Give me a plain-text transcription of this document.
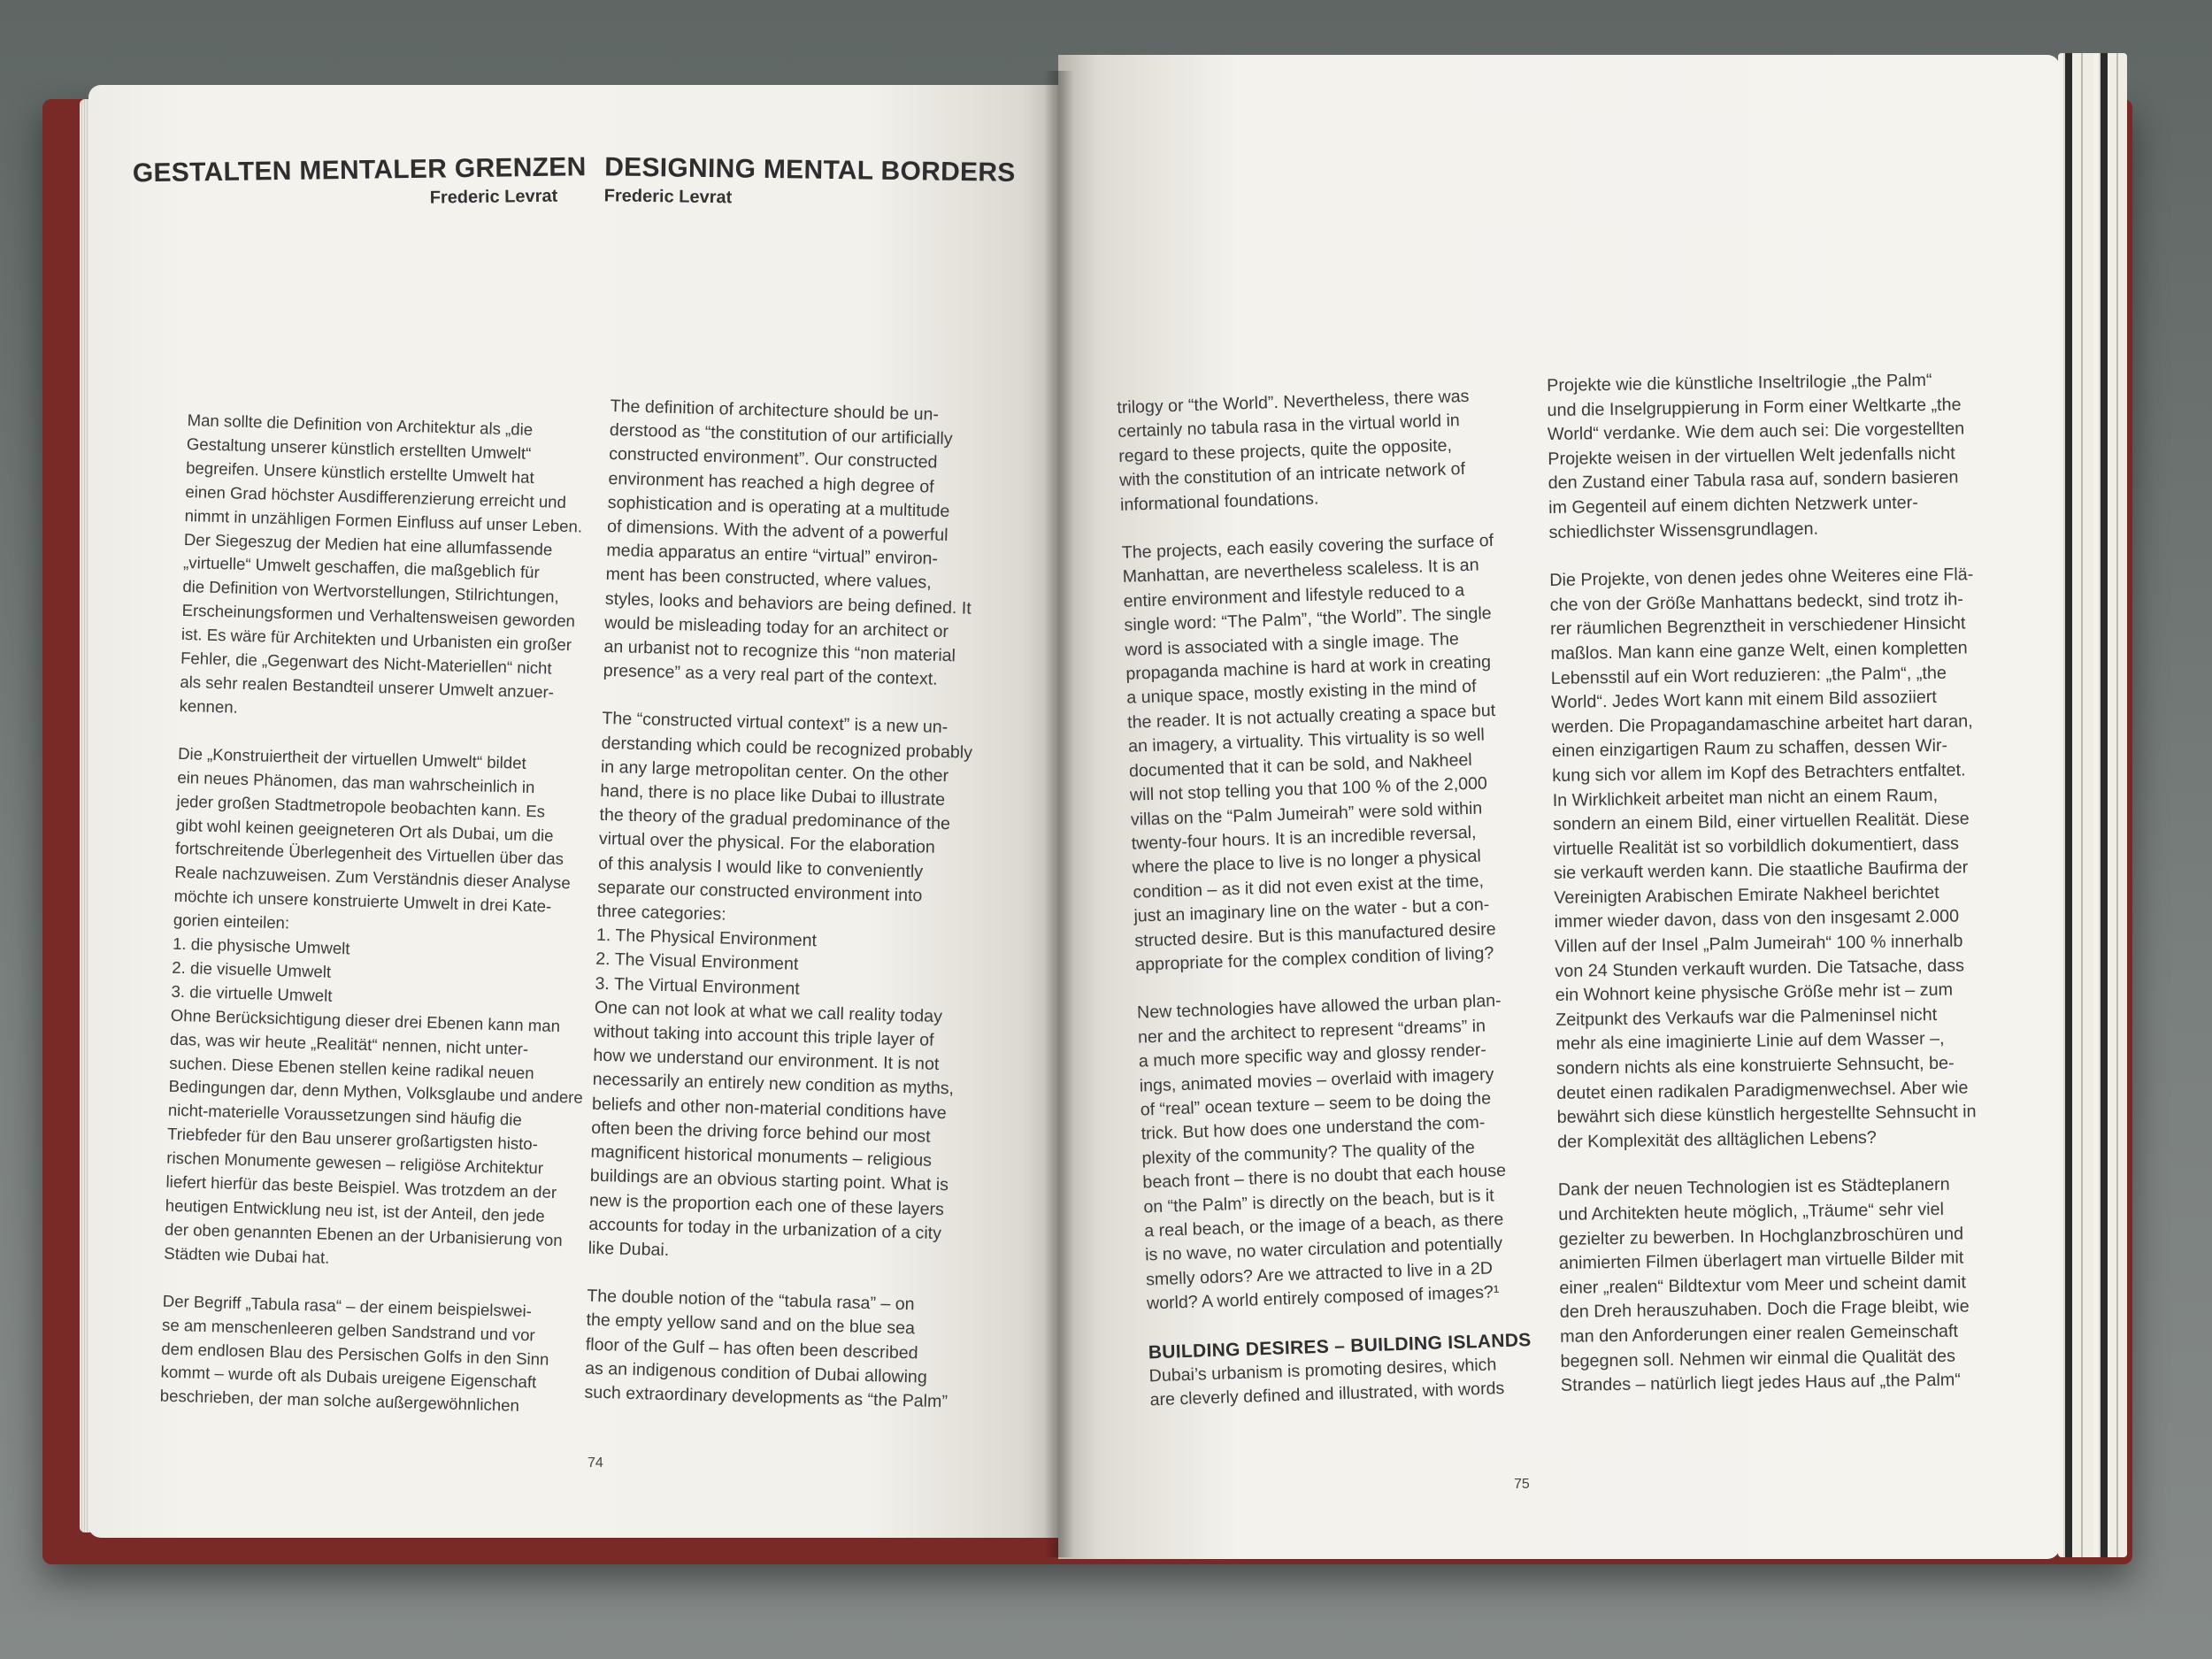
GESTALTEN MENTALER GRENZEN
Frederic Levrat
DESIGNING MENTAL BORDERS
Frederic Levrat

Man sollte die Definition von Architektur als „die
Gestaltung unserer künstlich erstellten Umwelt“
begreifen. Unsere künstlich erstellte Umwelt hat
einen Grad höchster Ausdifferenzierung erreicht und
nimmt in unzähligen Formen Einfluss auf unser Leben.
Der Siegeszug der Medien hat eine allumfassende
„virtuelle“ Umwelt geschaffen, die maßgeblich für
die Definition von Wertvorstellungen, Stilrichtungen,
Erscheinungsformen und Verhaltensweisen geworden
ist. Es wäre für Architekten und Urbanisten ein großer
Fehler, die „Gegenwart des Nicht-Materiellen“ nicht
als sehr realen Bestandteil unserer Umwelt anzuer-
kennen.

Die „Konstruiertheit der virtuellen Umwelt“ bildet
ein neues Phänomen, das man wahrscheinlich in
jeder großen Stadtmetropole beobachten kann. Es
gibt wohl keinen geeigneteren Ort als Dubai, um die
fortschreitende Überlegenheit des Virtuellen über das
Reale nachzuweisen. Zum Verständnis dieser Analyse
möchte ich unsere konstruierte Umwelt in drei Kate-
gorien einteilen:
1. die physische Umwelt
2. die visuelle Umwelt
3. die virtuelle Umwelt
Ohne Berücksichtigung dieser drei Ebenen kann man
das, was wir heute „Realität“ nennen, nicht unter-
suchen. Diese Ebenen stellen keine radikal neuen
Bedingungen dar, denn Mythen, Volksglaube und andere
nicht-materielle Voraussetzungen sind häufig die
Triebfeder für den Bau unserer großartigsten histo-
rischen Monumente gewesen – religiöse Architektur
liefert hierfür das beste Beispiel. Was trotzdem an der
heutigen Entwicklung neu ist, ist der Anteil, den jede
der oben genannten Ebenen an der Urbanisierung von
Städten wie Dubai hat.

Der Begriff „Tabula rasa“ – der einem beispielswei-
se am menschenleeren gelben Sandstrand und vor
dem endlosen Blau des Persischen Golfs in den Sinn
kommt – wurde oft als Dubais ureigene Eigenschaft
beschrieben, der man solche außergewöhnlichen

The definition of architecture should be un-
derstood as “the constitution of our artificially
constructed environment”. Our constructed
environment has reached a high degree of
sophistication and is operating at a multitude
of dimensions. With the advent of a powerful
media apparatus an entire “virtual” environ-
ment has been constructed, where values,
styles, looks and behaviors are being defined. It
would be misleading today for an architect or
an urbanist not to recognize this “non material
presence” as a very real part of the context.

The “constructed virtual context” is a new un-
derstanding which could be recognized probably
in any large metropolitan center. On the other
hand, there is no place like Dubai to illustrate
the theory of the gradual predominance of the
virtual over the physical. For the elaboration
of this analysis I would like to conveniently
separate our constructed environment into
three categories:
1. The Physical Environment
2. The Visual Environment
3. The Virtual Environment
One can not look at what we call reality today
without taking into account this triple layer of
how we understand our environment. It is not
necessarily an entirely new condition as myths,
beliefs and other non-material conditions have
often been the driving force behind our most
magnificent historical monuments – religious
buildings are an obvious starting point. What is
new is the proportion each one of these layers
accounts for today in the urbanization of a city
like Dubai.

The double notion of the “tabula rasa” – on
the empty yellow sand and on the blue sea
floor of the Gulf – has often been described
as an indigenous condition of Dubai allowing
such extraordinary developments as “the Palm”

trilogy or “the World”. Nevertheless, there was
certainly no tabula rasa in the virtual world in
regard to these projects, quite the opposite,
with the constitution of an intricate network of
informational foundations.

The projects, each easily covering the surface of
Manhattan, are nevertheless scaleless. It is an
entire environment and lifestyle reduced to a
single word: “The Palm”, “the World”. The single
word is associated with a single image. The
propaganda machine is hard at work in creating
a unique space, mostly existing in the mind of
the reader. It is not actually creating a space but
an imagery, a virtuality. This virtuality is so well
documented that it can be sold, and Nakheel
will not stop telling you that 100 % of the 2,000
villas on the “Palm Jumeirah” were sold within
twenty-four hours. It is an incredible reversal,
where the place to live is no longer a physical
condition – as it did not even exist at the time,
just an imaginary line on the water - but a con-
structed desire. But is this manufactured desire
appropriate for the complex condition of living?

New technologies have allowed the urban plan-
ner and the architect to represent “dreams” in
a much more specific way and glossy render-
ings, animated movies – overlaid with imagery
of “real” ocean texture – seem to be doing the
trick. But how does one understand the com-
plexity of the community? The quality of the
beach front – there is no doubt that each house
on “the Palm” is directly on the beach, but is it
a real beach, or the image of a beach, as there
is no wave, no water circulation and potentially
smelly odors? Are we attracted to live in a 2D
world? A world entirely composed of images?¹

BUILDING DESIRES – BUILDING ISLANDS

Dubai’s urbanism is promoting desires, which
are cleverly defined and illustrated, with words

Projekte wie die künstliche Inseltrilogie „the Palm“
und die Inselgruppierung in Form einer Weltkarte „the
World“ verdanke. Wie dem auch sei: Die vorgestellten
Projekte weisen in der virtuellen Welt jedenfalls nicht
den Zustand einer Tabula rasa auf, sondern basieren
im Gegenteil auf einem dichten Netzwerk unter-
schiedlichster Wissensgrundlagen.

Die Projekte, von denen jedes ohne Weiteres eine Flä-
che von der Größe Manhattans bedeckt, sind trotz ih-
rer räumlichen Begrenztheit in verschiedener Hinsicht
maßlos. Man kann eine ganze Welt, einen kompletten
Lebensstil auf ein Wort reduzieren: „the Palm“, „the
World“. Jedes Wort kann mit einem Bild assoziiert
werden. Die Propagandamaschine arbeitet hart daran,
einen einzigartigen Raum zu schaffen, dessen Wir-
kung sich vor allem im Kopf des Betrachters entfaltet.
In Wirklichkeit arbeitet man nicht an einem Raum,
sondern an einem Bild, einer virtuellen Realität. Diese
virtuelle Realität ist so vorbildlich dokumentiert, dass
sie verkauft werden kann. Die staatliche Baufirma der
Vereinigten Arabischen Emirate Nakheel berichtet
immer wieder davon, dass von den insgesamt 2.000
Villen auf der Insel „Palm Jumeirah“ 100 % innerhalb
von 24 Stunden verkauft wurden. Die Tatsache, dass
ein Wohnort keine physische Größe mehr ist – zum
Zeitpunkt des Verkaufs war die Palmeninsel nicht
mehr als eine imaginierte Linie auf dem Wasser –,
sondern nichts als eine konstruierte Sehnsucht, be-
deutet einen radikalen Paradigmenwechsel. Aber wie
bewährt sich diese künstlich hergestellte Sehnsucht in
der Komplexität des alltäglichen Lebens?

Dank der neuen Technologien ist es Städteplanern
und Architekten heute möglich, „Träume“ sehr viel
gezielter zu bewerben. In Hochglanzbroschüren und
animierten Filmen überlagert man virtuelle Bilder mit
einer „realen“ Bildtextur vom Meer und scheint damit
den Dreh herauszuhaben. Doch die Frage bleibt, wie
man den Anforderungen einer realen Gemeinschaft
begegnen soll. Nehmen wir einmal die Qualität des
Strandes – natürlich liegt jedes Haus auf „the Palm“

74
75
